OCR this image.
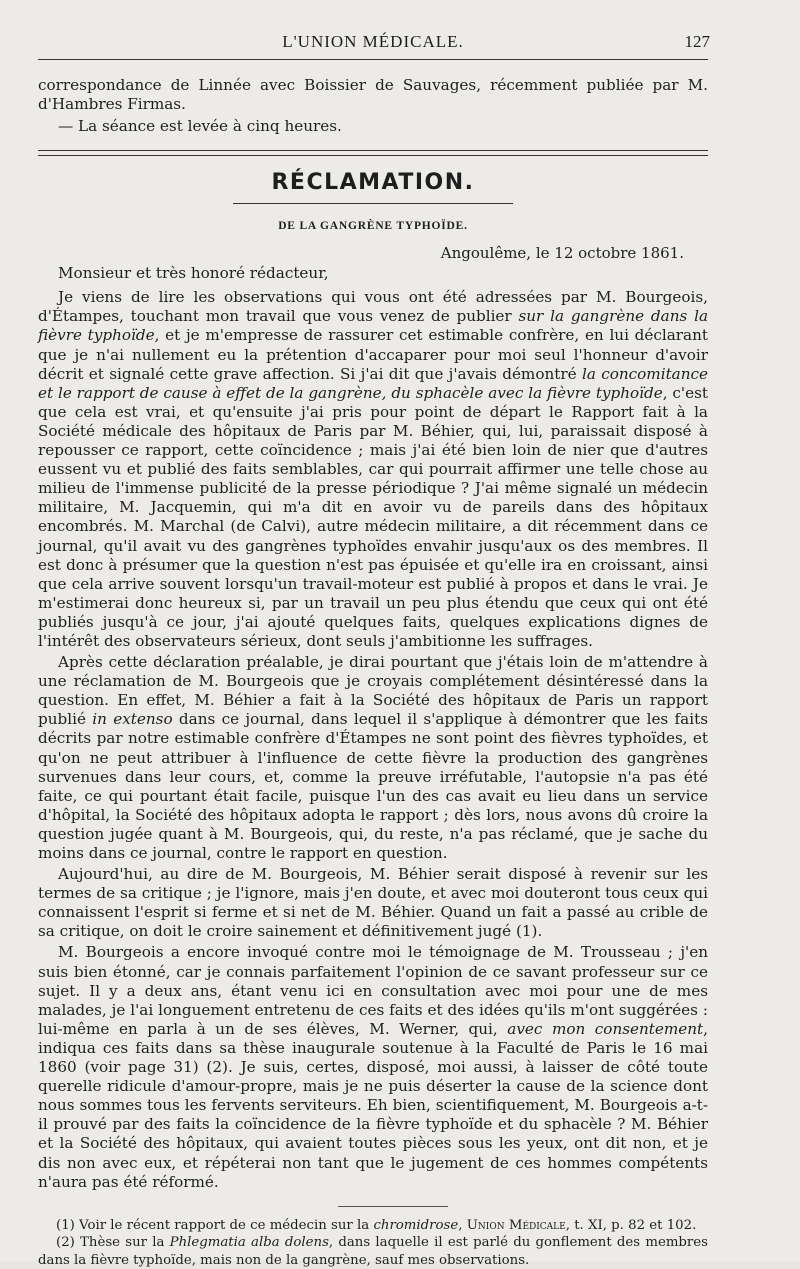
L'UNION MÉDICALE.	127

correspondance de Linnée avec Boissier de Sauvages, récemment publiée par M. d'Hambres Firmas.

— La séance est levée à cinq heures.

RÉCLAMATION.
DE LA GANGRÈNE TYPHOÏDE.
Angoulême, le 12 octobre 1861.
Monsieur et très honoré rédacteur,

Je viens de lire les observations qui vous ont été adressées par M. Bourgeois, d'Étampes, touchant mon travail que vous venez de publier sur la gangrène dans la fièvre typhoïde, et je m'empresse de rassurer cet estimable confrère, en lui déclarant que je n'ai nullement eu la prétention d'accaparer pour moi seul l'honneur d'avoir décrit et signalé cette grave affection. Si j'ai dit que j'avais démontré la concomitance et le rapport de cause à effet de la gangrène, du sphacèle avec la fièvre typhoïde, c'est que cela est vrai, et qu'ensuite j'ai pris pour point de départ le Rapport fait à la Société médicale des hôpitaux de Paris par M. Béhier, qui, lui, paraissait disposé à repousser ce rapport, cette coïncidence ; mais j'ai été bien loin de nier que d'autres eussent vu et publié des faits semblables, car qui pourrait affirmer une telle chose au milieu de l'immense publicité de la presse périodique ? J'ai même signalé un médecin militaire, M. Jacquemin, qui m'a dit en avoir vu de pareils dans des hôpitaux encombrés. M. Marchal (de Calvi), autre médecin militaire, a dit récemment dans ce journal, qu'il avait vu des gangrènes typhoïdes envahir jusqu'aux os des membres. Il est donc à présumer que la question n'est pas épuisée et qu'elle ira en croissant, ainsi que cela arrive souvent lorsqu'un travail-moteur est publié à propos et dans le vrai. Je m'estimerai donc heureux si, par un travail un peu plus étendu que ceux qui ont été publiés jusqu'à ce jour, j'ai ajouté quelques faits, quelques explications dignes de l'intérêt des observateurs sérieux, dont seuls j'ambitionne les suffrages.

Après cette déclaration préalable, je dirai pourtant que j'étais loin de m'attendre à une réclamation de M. Bourgeois que je croyais complétement désintéressé dans la question. En effet, M. Béhier a fait à la Société des hôpitaux de Paris un rapport publié in extenso dans ce journal, dans lequel il s'applique à démontrer que les faits décrits par notre estimable confrère d'Étampes ne sont point des fièvres typhoïdes, et qu'on ne peut attribuer à l'influence de cette fièvre la production des gangrènes survenues dans leur cours, et, comme la preuve irréfutable, l'autopsie n'a pas été faite, ce qui pourtant était facile, puisque l'un des cas avait eu lieu dans un service d'hôpital, la Société des hôpitaux adopta le rapport ; dès lors, nous avons dû croire la question jugée quant à M. Bourgeois, qui, du reste, n'a pas réclamé, que je sache du moins dans ce journal, contre le rapport en question.

Aujourd'hui, au dire de M. Bourgeois, M. Béhier serait disposé à revenir sur les termes de sa critique ; je l'ignore, mais j'en doute, et avec moi douteront tous ceux qui connaissent l'esprit si ferme et si net de M. Béhier. Quand un fait a passé au crible de sa critique, on doit le croire sainement et définitivement jugé (1).

M. Bourgeois a encore invoqué contre moi le témoignage de M. Trousseau ; j'en suis bien étonné, car je connais parfaitement l'opinion de ce savant professeur sur ce sujet. Il y a deux ans, étant venu ici en consultation avec moi pour une de mes malades, je l'ai longuement entretenu de ces faits et des idées qu'ils m'ont suggérées : lui-même en parla à un de ses élèves, M. Werner, qui, avec mon consentement, indiqua ces faits dans sa thèse inaugurale soutenue à la Faculté de Paris le 16 mai 1860 (voir page 31) (2). Je suis, certes, disposé, moi aussi, à laisser de côté toute querelle ridicule d'amour-propre, mais je ne puis déserter la cause de la science dont nous sommes tous les fervents serviteurs. Eh bien, scientifiquement, M. Bourgeois a-t-il prouvé par des faits la coïncidence de la fièvre typhoïde et du sphacèle ? M. Béhier et la Société des hôpitaux, qui avaient toutes pièces sous les yeux, ont dit non, et je dis non avec eux, et répéterai non tant que le jugement de ces hommes compétents n'aura pas été réformé.

(1) Voir le récent rapport de ce médecin sur la chromidrose, Union Médicale, t. XI, p. 82 et 102.

(2) Thèse sur la Phlegmatia alba dolens, dans laquelle il est parlé du gonflement des membres dans la fièvre typhoïde, mais non de la gangrène, sauf mes observations.
